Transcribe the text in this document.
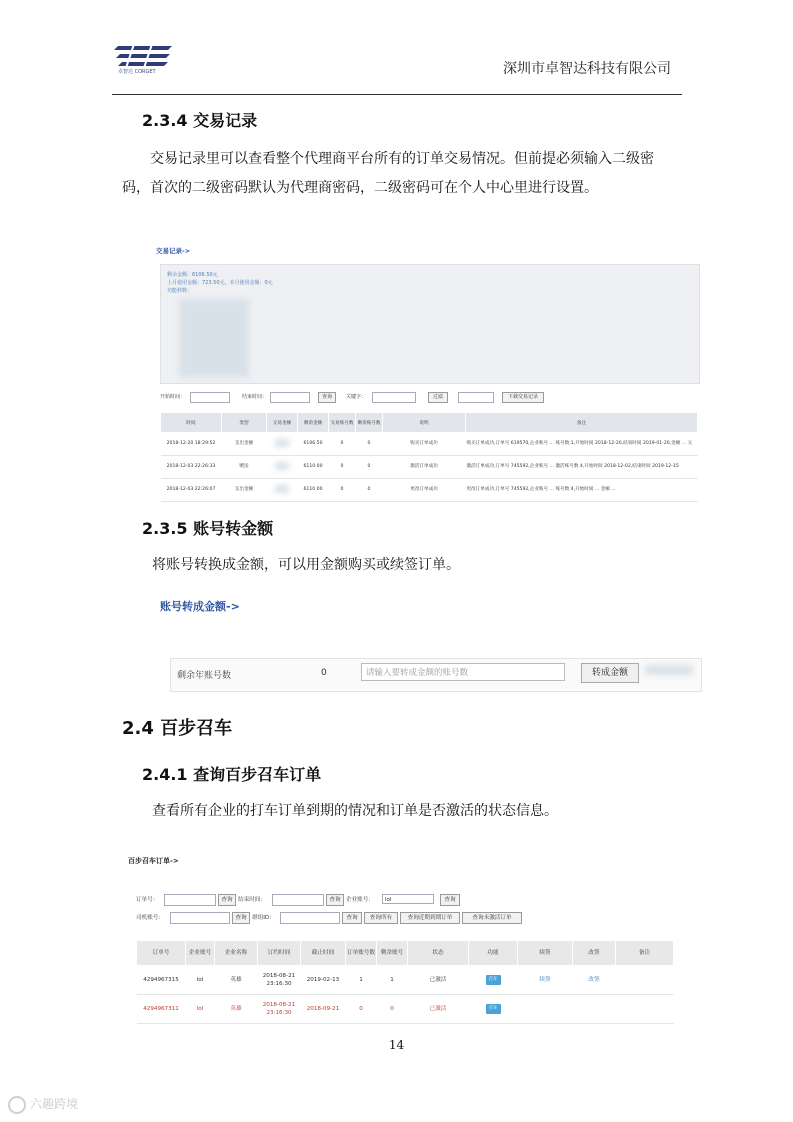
卓智达 CORGET	深圳市卓智达科技有限公司
2.3.4 交易记录
交易记录里可以查看整个代理商平台所有的订单交易情况。但前提必须输入二级密码，首次的二级密码默认为代理商密码，二级密码可在个人中心里进行设置。
交易记录->
剩余金额：6106.50元
上月使用金额：723.50元，本月使用金额：0元
功能秒数：
开始时间：	结束时间：	查询	关键字：	过滤	下载交易记录
时间	类型	交易金额	剩余金额	交易账号数	剩余账号数	说明	备注
2018-12-20 18:29:52	支出金额		6106.50	0	0	购买订单成功	购买订单成功,订单号 619570,企业账号 ... 账号数:1,开始时间 2018-12-20,结束时间 2019-01-20,金额 ... 元
2018-12-03 22:26:33	赠送		6110.00	0	0	激活订单成功	激活订单成功,订单号 745592,企业账号 ... 激活账号数 4,开始时间 2018-12-02,结束时间 2019-12-15
2018-12-03 22:26:07	支出金额		6110.00	0	0	更改订单成功	更改订单成功,订单号 745592,企业账号 ... 账号数 4,开始时间 ... 金额 ...
2.3.5 账号转金额
将账号转换成金额，可以用金额购买或续签订单。
账号转成金额->
剩余年账号数	0	请输入要转成金额的账号数	转成金额
2.4 百步召车
2.4.1 查询百步召车订单
查看所有企业的打车订单到期的情况和订单是否激活的状态信息。
百步召车订单->
订单号：	查询 结束时间：	查询 企业账号：	lol	查询
司机账号：	查询 群组ID：	查询	查询所有	查询近期到期订单	查询未激活订单
订单号	企业账号	企业名称	订约时间	截止时间	订单账号数	剩余账号	状态	功能	续签	改签	备注
4294967315	lol	英雄	2018-08-21 23:16:30	2019-02-13	1	1	已激活	召车	续签	改签	
4294967311	lol	英雄	2018-08-21 23:16:30	2018-09-21	0	0	已激活	召车			
14
六趣跨境
